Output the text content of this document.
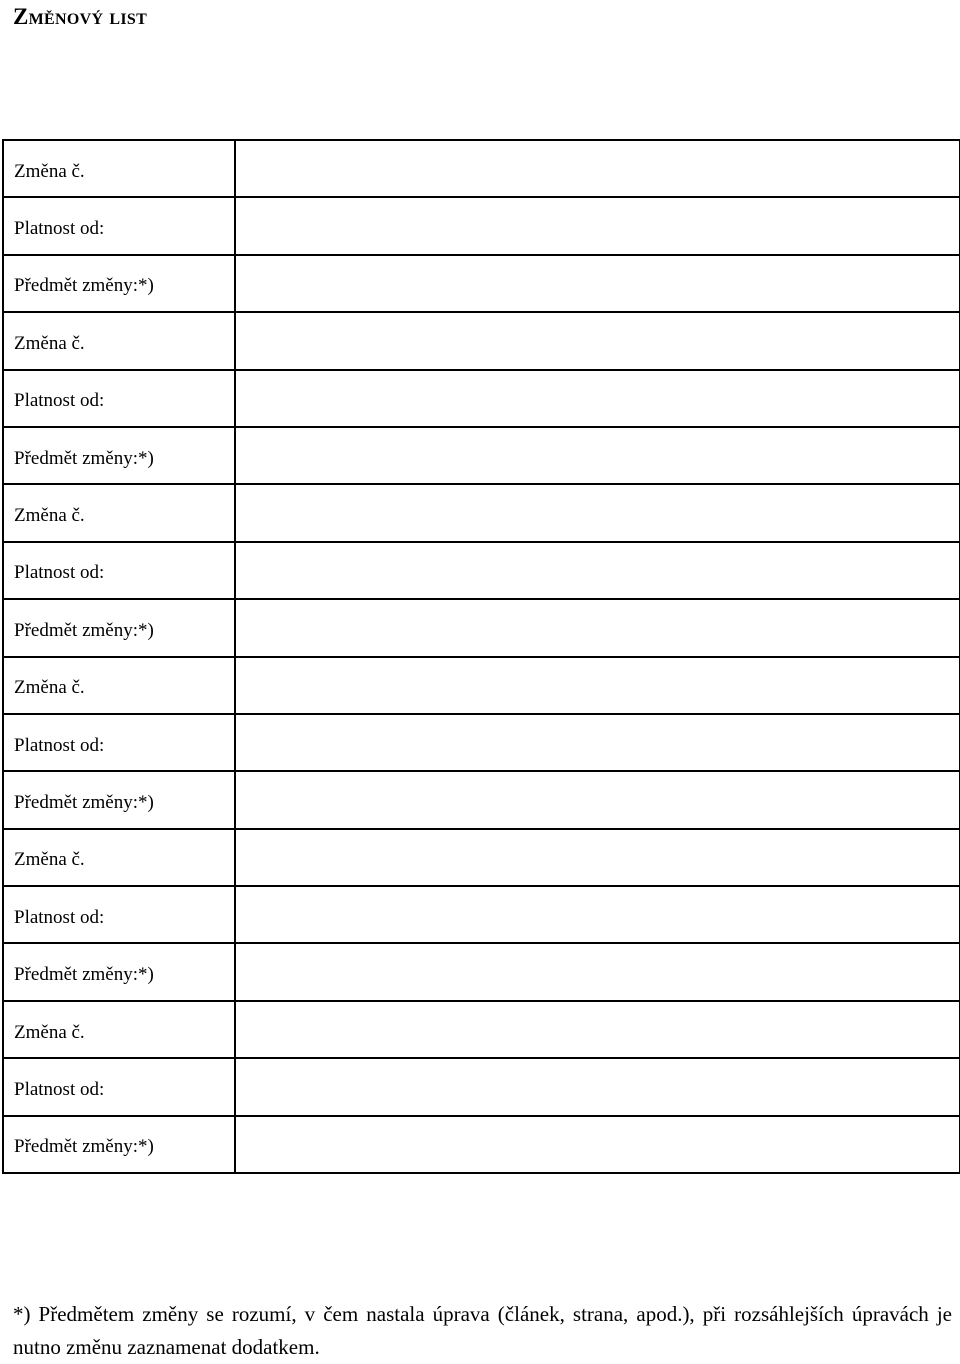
Změnový list
Změna č.	
Platnost od:	
Předmět změny:*)	
Změna č.	
Platnost od:	
Předmět změny:*)	
Změna č.	
Platnost od:	
Předmět změny:*)	
Změna č.	
Platnost od:	
Předmět změny:*)	
Změna č.	
Platnost od:	
Předmět změny:*)	
Změna č.	
Platnost od:	
Předmět změny:*)	

*) Předmětem změny se rozumí, v čem nastala úprava (článek, strana, apod.), při rozsáhlejších úpravách je nutno změnu zaznamenat dodatkem.
